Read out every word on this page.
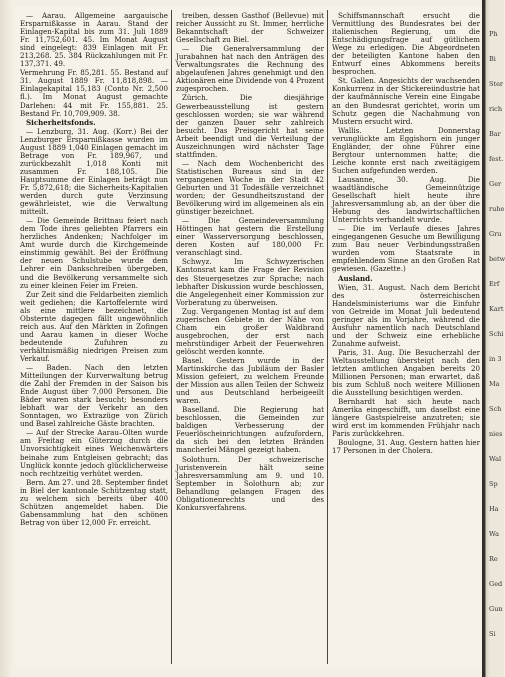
— Aarau. Allgemeine aargauische Ersparnißkasse in Aarau. Stand der Einlagen-Kapital bis zum 31. Juli 1889 Fr. 11,752,601. 45. Im Monat August sind eingelegt: 839 Einlagen mit Fr. 213,268. 25. 384 Rückzahlungen mit Fr. 137,371. 49.

Vermehrung Fr. 85,281. 55. Bestand auf 31. August 1889 Fr. 11,818,898. — Einlagekapital 15,183 (Conto Nr. 2,500 fl.). Im Monat August gemachte Darlehen: 44 mit Fr. 155,881. 25. Bestand Fr. 10,709,909. 38.

Sicherheitsfonds.

— Lenzburg, 31. Aug. (Korr.) Bei der Lenzburger Ersparnißkasse wurden im August 1889 1,040 Einlagen gemacht im Betrage von Fr. 189,967, und zurückbezahlt 1,018 Konti mit zusammen Fr. 188,105. Die Hauptsumme der Einlagen beträgt nun Fr. 5,872,618; die Sicherheits-Kapitalien werden durch gute Verzinsung gewährleistet, wie die Verwaltung mitteilt.

— Die Gemeinde Brittnau feiert nach dem Tode ihres geliebten Pfarrers ein herzliches Andenken; Nachfolger im Amt wurde durch die Kirchgemeinde einstimmig gewählt. Bei der Eröffnung der neuen Schulstube wurde dem Lehrer ein Dankschreiben übergeben, und die Bevölkerung versammelte sich zu einer kleinen Feier im Freien.

Zur Zeit sind die Feldarbeiten ziemlich weit gediehen; die Kartoffelernte wird als eine mittlere bezeichnet, die Obsternte dagegen fällt ungewöhnlich reich aus. Auf den Märkten in Zofingen und Aarau kamen in dieser Woche bedeutende Zufuhren zu verhältnismäßig niedrigen Preisen zum Verkauf.

— Baden. Nach den letzten Mitteilungen der Kurverwaltung betrug die Zahl der Fremden in der Saison bis Ende August über 7,000 Personen. Die Bäder waren stark besucht; besonders lebhaft war der Verkehr an den Sonntagen, wo Extrazüge von Zürich und Basel zahlreiche Gäste brachten.

— Auf der Strecke Aarau–Olten wurde am Freitag ein Güterzug durch die Unvorsichtigkeit eines Weichenwärters beinahe zum Entgleisen gebracht; das Unglück konnte jedoch glücklicherweise noch rechtzeitig verhütet werden.

Bern. Am 27. und 28. September findet in Biel der kantonale Schützentag statt, zu welchem sich bereits über 400 Schützen angemeldet haben. Die Gabensammlung hat den schönen Betrag von über 12,000 Fr. erreicht.

treiben, dessen Gasthof (Bellevue) mit reicher Aussicht zu St. Immer, herrliche Bekanntschaft der Schweizer Gesellschaft zu Biel.

— Die Generalversammlung der Jurabahnen hat nach den Anträgen des Verwaltungsrates die Rechnung des abgelaufenen Jahres genehmigt und den Aktionären eine Dividende von 4 Prozent zugesprochen.

Zürich. Die diesjährige Gewerbeausstellung ist gestern geschlossen worden; sie war während der ganzen Dauer sehr zahlreich besucht. Das Preisgericht hat seine Arbeit beendigt und die Verteilung der Auszeichnungen wird nächster Tage stattfinden.

— Nach dem Wochenbericht des Statistischen Bureaus sind in der vergangenen Woche in der Stadt 42 Geburten und 31 Todesfälle verzeichnet worden; der Gesundheitszustand der Bevölkerung wird im allgemeinen als ein günstiger bezeichnet.

— Die Gemeindeversammlung Höttingen hat gestern die Erstellung einer Wasserversorgung beschlossen, deren Kosten auf 180,000 Fr. veranschlagt sind.

Schwyz. Im Schwyzerischen Kantonsrat kam die Frage der Revision des Steuergesetzes zur Sprache; nach lebhafter Diskussion wurde beschlossen, die Angelegenheit einer Kommission zur Vorberatung zu überweisen.

Zug. Vergangenen Montag ist auf dem zugerischen Gebiete in der Nähe von Cham ein großer Waldbrand ausgebrochen, der erst nach mehrstündiger Arbeit der Feuerwehren gelöscht werden konnte.

Basel. Gestern wurde in der Martinskirche das Jubiläum der Basler Mission gefeiert, zu welchem Freunde der Mission aus allen Teilen der Schweiz und aus Deutschland herbeigeeilt waren.

Baselland. Die Regierung hat beschlossen, die Gemeinden zur baldigen Verbesserung der Feuerlöscheinrichtungen aufzufordern, da sich bei den letzten Bränden mancherlei Mängel gezeigt haben.

Solothurn. Der schweizerische Juristenverein hält seine Jahresversammlung am 9. und 10. September in Solothurn ab; zur Behandlung gelangen Fragen des Obligationenrechts und des Konkursverfahrens.

Schiffsmannschaft ersucht die Vermittlung des Bundesrates bei der italienischen Regierung, um die Entschädigungsfrage auf gütlichem Wege zu erledigen. Die Abgeordneten der beteiligten Kantone haben den Entwurf eines Abkommens bereits besprochen.

St. Gallen. Angesichts der wachsenden Konkurrenz in der Stickereiindustrie hat der kaufmännische Verein eine Eingabe an den Bundesrat gerichtet, worin um Schutz gegen die Nachahmung von Mustern ersucht wird.

Wallis. Letzten Donnerstag verunglückte am Eggishorn ein junger Engländer, der ohne Führer eine Bergtour unternommen hatte; die Leiche konnte erst nach zweitägigem Suchen aufgefunden werden.

Lausanne, 30. Aug. Die waadtländische Gemeinnützige Gesellschaft hielt heute ihre Jahresversammlung ab, an der über die Hebung des landwirtschaftlichen Unterrichts verhandelt wurde.

— Die im Verlaufe dieses Jahres eingegangenen Gesuche um Bewilligung zum Bau neuer Verbindungsstraßen wurden vom Staatsrate in empfehlendem Sinne an den Großen Rat gewiesen. (Gazette.)

Ausland.

Wien, 31. August. Nach dem Bericht des österreichischen Handelsministeriums war die Einfuhr von Getreide im Monat Juli bedeutend geringer als im Vorjahre, während die Ausfuhr namentlich nach Deutschland und der Schweiz eine erhebliche Zunahme aufweist.

Paris, 31. Aug. Die Besucherzahl der Weltausstellung übersteigt nach den letzten amtlichen Angaben bereits 20 Millionen Personen; man erwartet, daß bis zum Schluß noch weitere Millionen die Ausstellung besichtigen werden.

Bernhardt hat sich heute nach Amerika eingeschifft, um daselbst eine längere Gastspielreise anzutreten; sie wird erst im kommenden Frühjahr nach Paris zurückkehren.

Boulogne, 31. Aug. Gestern hatten hier 17 Personen in der Cholera.

Ph
Bi
Ster
rich
Bar
fest.
Ger
ruhe
Gru
betw
Erf
Kart
Schi
in 3
Ma
Sch
nies
Wal
Sp
Ha
Wa
Re
Ged
Gun
Si
